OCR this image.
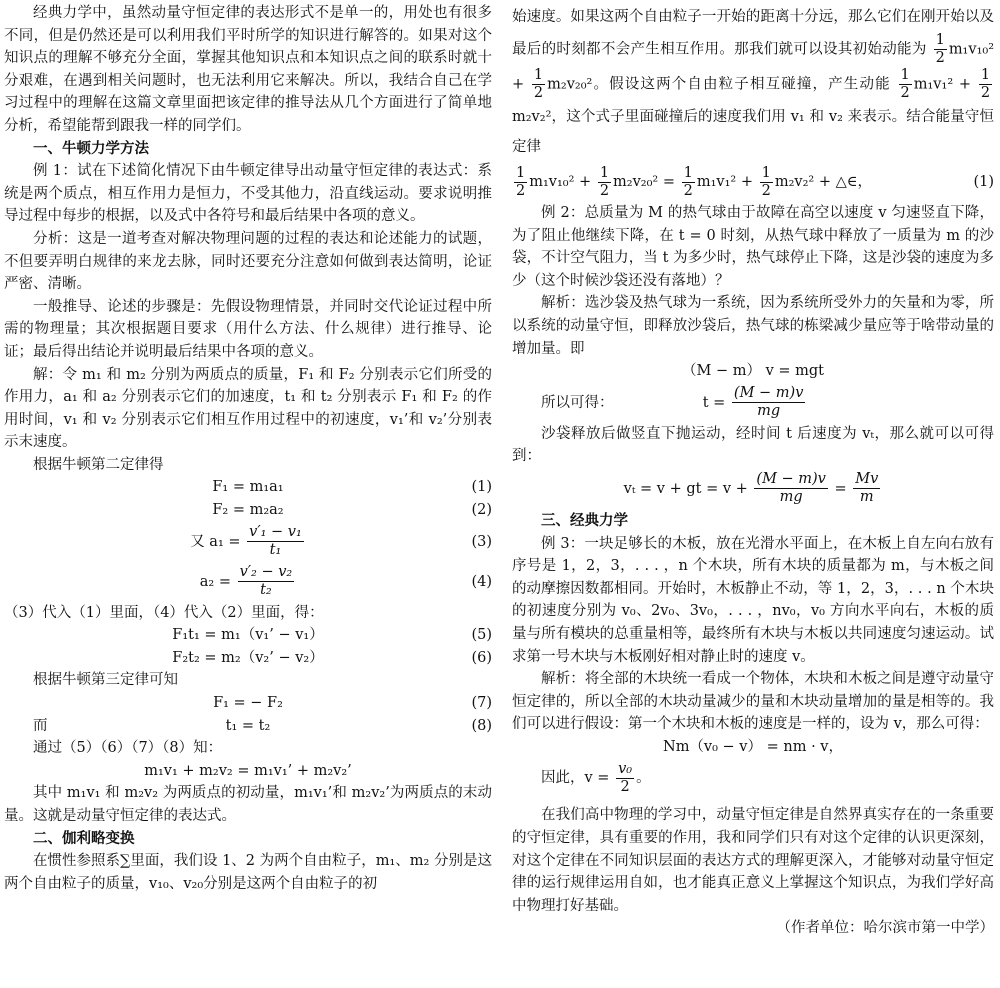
经典力学中，虽然动量守恒定律的表达形式不是单一的，用处也有很多不同，但是仍然还是可以利用我们平时所学的知识进行解答的。如果对这个知识点的理解不够充分全面，掌握其他知识点和本知识点之间的联系时就十分艰难，在遇到相关问题时，也无法利用它来解决。所以，我结合自己在学习过程中的理解在这篇文章里面把该定律的推导法从几个方面进行了简单地分析，希望能帮到跟我一样的同学们。

一、牛顿力学方法

例 1：试在下述简化情况下由牛顿定律导出动量守恒定律的表达式：系统是两个质点，相互作用力是恒力，不受其他力，沿直线运动。要求说明推导过程中每步的根据，以及式中各符号和最后结果中各项的意义。

分析：这是一道考查对解决物理问题的过程的表达和论述能力的试题，不但要弄明白规律的来龙去脉，同时还要充分注意如何做到表达简明，论证严密、清晰。

一般推导、论述的步骤是：先假设物理情景，并同时交代论证过程中所需的物理量；其次根据题目要求（用什么方法、什么规律）进行推导、论证；最后得出结论并说明最后结果中各项的意义。

解：令 m₁ 和 m₂ 分别为两质点的质量，F₁ 和 F₂ 分别表示它们所受的作用力，a₁ 和 a₂ 分别表示它们的加速度，t₁ 和 t₂ 分别表示 F₁ 和 F₂ 的作用时间，v₁ 和 v₂ 分别表示它们相互作用过程中的初速度，v₁’和 v₂’分别表示末速度。

根据牛顿第二定律得

F₁ = m₁a₁	(1)
F₂ = m₂a₂	(2)
又 $a_1 = \frac{\text{v′₁ − v₁}}{\text{t₁}}$	(3)
$a_2 = \frac{\text{v′₂ − v₂}}{\text{t₂}}$	(4)

（3）代入（1）里面，（4）代入（2）里面，得：

F₁t₁ = m₁（v₁’ − v₁）	(5)
F₂t₂ = m₂（v₂’ − v₂）	(6)

根据牛顿第三定律可知

F₁ = − F₂	(7)
而	t₁ = t₂	(8)

通过（5）（6）（7）（8）知：

m₁v₁ + m₂v₂ = m₁v₁’ + m₂v₂’

其中 m₁v₁ 和 m₂v₂ 为两质点的初动量，m₁v₁’和 m₂v₂’为两质点的末动量。这就是动量守恒定律的表达式。

二、伽利略变换

在惯性参照系∑里面，我们设 1、2 为两个自由粒子，m₁、m₂ 分别是这两个自由粒子的质量，v₁₀、v₂₀分别是这两个自由粒子的初

始速度。如果这两个自由粒子一开始的距离十分远，那么它们在刚开始以及最后的时刻都不会产生相互作用。那我们就可以设其初始动能为 $\frac{1}{2} m_1v_{10}^2 + \frac{1}{2} m_2v_{20}^2$。假设这两个自由粒子相互碰撞，产生动能 $\frac{1}{2} m_1v_1^2 + \frac{1}{2}$
m₂v₂²，这个式子里面碰撞后的速度我们用 v₁ 和 v₂ 来表示。结合能量守恒定律

$\frac{1}{2} m_1v_{10}^2 + \frac{1}{2} m_2v_{20}^2 = \frac{1}{2} m_1v_1^2 + \frac{1}{2} m_2v_2^2$ + △∈，	(1)

例 2：总质量为 M 的热气球由于故障在高空以速度 v 匀速竖直下降，为了阻止他继续下降，在 t = 0 时刻，从热气球中释放了一质量为 m 的沙袋，不计空气阻力，当 t 为多少时，热气球停止下降，这是沙袋的速度为多少（这个时候沙袋还没有落地）？

解析：选沙袋及热气球为一系统，因为系统所受外力的矢量和为零，所以系统的动量守恒，即释放沙袋后，热气球的栋梁减少量应等于啥带动量的增加量。即

（M − m） v = mgt
所以可得：	$t = \frac{(M - m)v}{mg}$

沙袋释放后做竖直下抛运动，经时间 t 后速度为 vₜ，那么就可以可得到：

vₜ = v + gt = $v + \frac{(M - m)v}{mg} = \frac{Mv}{m}$

三、经典力学

例 3：一块足够长的木板，放在光滑水平面上，在木板上自左向右放有序号是 1，2，3，. . . ，n 个木块，所有木块的质量都为 m，与木板之间的动摩擦因数都相同。开始时，木板静止不动，等 1，2，3，. . . n 个木块的初速度分别为 v₀、2v₀、3v₀，. . . ，nv₀，v₀ 方向水平向右，木板的质量与所有模块的总重量相等，最终所有木块与木板以共同速度匀速运动。试求第一号木块与木板刚好相对静止时的速度 v。

解析：将全部的木块统一看成一个物体，木块和木板之间是遵守动量守恒定律的，所以全部的木块动量减少的量和木块动量增加的量是相等的。我们可以进行假设：第一个木块和木板的速度是一样的，设为 v，那么可得：

Nm（v₀ − v） = nm · v，
因此，$v = \frac{\text{v₀}}{2}$ 。

在我们高中物理的学习中，动量守恒定律是自然界真实存在的一条重要的守恒定律，具有重要的作用，我和同学们只有对这个定律的认识更深刻，对这个定律在不同知识层面的表达方式的理解更深入，才能够对动量守恒定律的运行规律运用自如，也才能真正意义上掌握这个知识点，为我们学好高中物理打好基础。

（作者单位：哈尔滨市第一中学）
